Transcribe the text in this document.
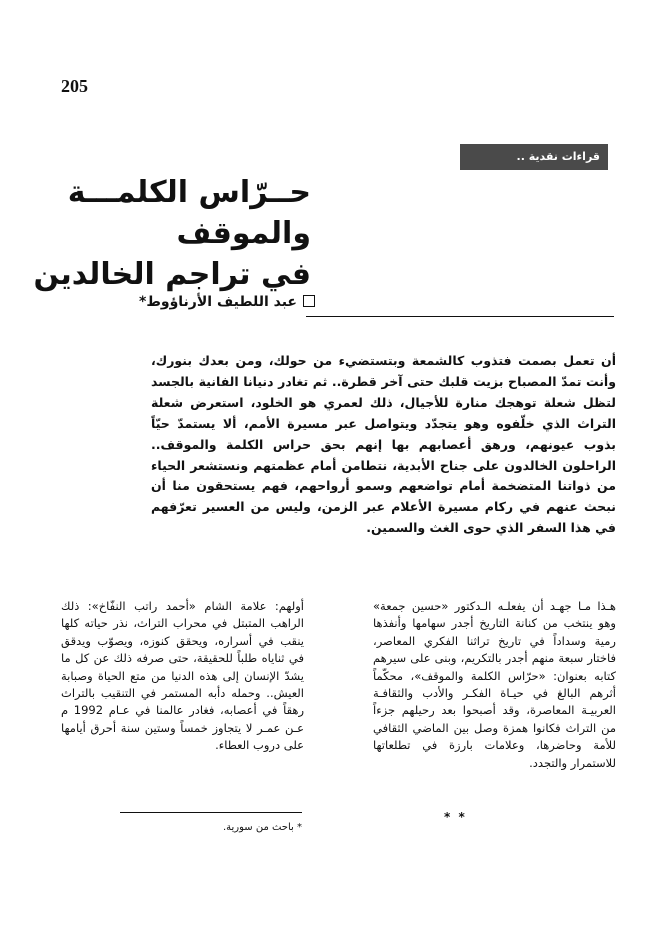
205
قراءات نقدية ..
حــرّاس الكلمـــة
والموقف
في تراجم الخالدين
عبد اللطيف الأرناؤوط*
أن تعمل بصمت فتذوب كالشمعة وبتستضيء من حولك، ومن بعدك بنورك، وأنت تمدّ المصباح بزيت قلبك حتى آخر قطرة.. ثم تغادر دنيانا الفانية بالجسد لتظل شعلة توهجك منارة للأجيال، ذلك لعمري هو الخلود، استعرض شعلة التراث الذي خلّفوه وهو يتجدّد ويتواصل عبر مسيرة الأمم، ألا يستمدّ حيّاً بذوب عيونهم، ورهق أعصابهم بها إنهم بحق حراس الكلمة والموقف.. الراحلون الخالدون على جناح الأبدية، نتطامن أمام عظمتهم ونستشعر الحياء من ذواتنا المتضخمة أمام تواضعهم وسمو أرواحهم، فهم يستحقون منا أن نبحث عنهم في ركام مسيرة الأعلام عبر الزمن، وليس من العسير تعرّفهم في هذا السفر الذي حوى الغث والسمين.

هـذا مـا جهـد أن يفعلـه الـدكتور «حسين جمعة» وهو ينتخب من كنانة التاريخ أجدر سهامها وأنفذها رمية وسداداً في تاريخ تراثنا الفكري المعاصر، فاختار سبعة منهم أجدر بالتكريم، وبنى على سيرهم كتابه بعنوان: «حرّاس الكلمة والموقف»، محكّماً أثرهم البالغ في حيـاة الفكـر والأدب والثقافـة العربيـة المعاصرة، وقد أصبحوا بعد رحيلهم جزءاً من التراث فكانوا همزة وصل بين الماضي الثقافي للأمة وحاضرها، وعلامات بارزة في تطلعاتها للاستمرار والتجدد.

أولهم: علامة الشام «أحمد راتب النفّاخ»: ذلك الراهب المتبتل في محراب التراث، نذر حياته كلها ينقب في أسراره، ويحقق كنوزه، ويصوّب ويدقق في ثناياه طلباً للحقيقة، حتى صرفه ذلك عن كل ما يشدّ الإنسان إلى هذه الدنيا من متع الحياة وصبابة العيش.. وحمله دأبه المستمر في التنقيب بالتراث رهقاً في أعصابه، فغادر عالمنا في عـام 1992 م عـن عمـر لا يتجاوز خمساً وستين سنة أحرق أيامها على دروب العطاء.

* *
* باحث من سورية.
